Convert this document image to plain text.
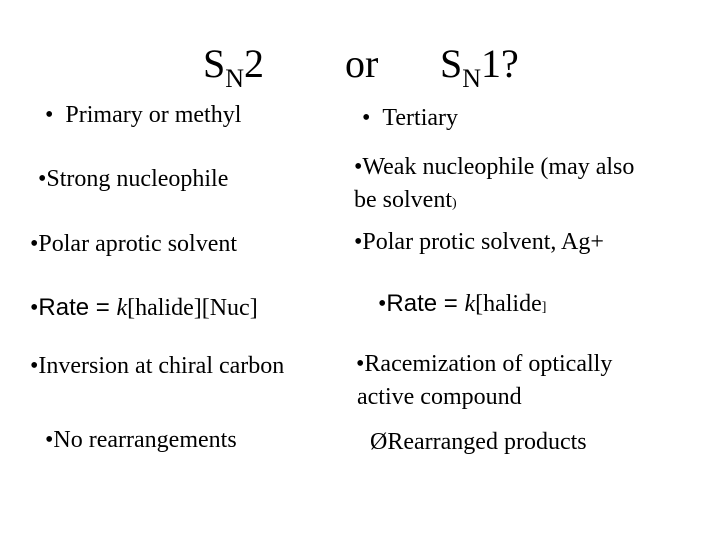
$S_N2$ or $S_N1$?
• Primary or methyl
•Strong nucleophile
•Polar aprotic solvent
•Rate = k[halide][Nuc]
•Inversion at chiral carbon
•No rearrangements
• Tertiary
•Weak nucleophile (may also
be solvent)
•Polar protic solvent, Ag+
•Rate = k[halide]
•Racemization of optically
active compound
ØRearranged products
